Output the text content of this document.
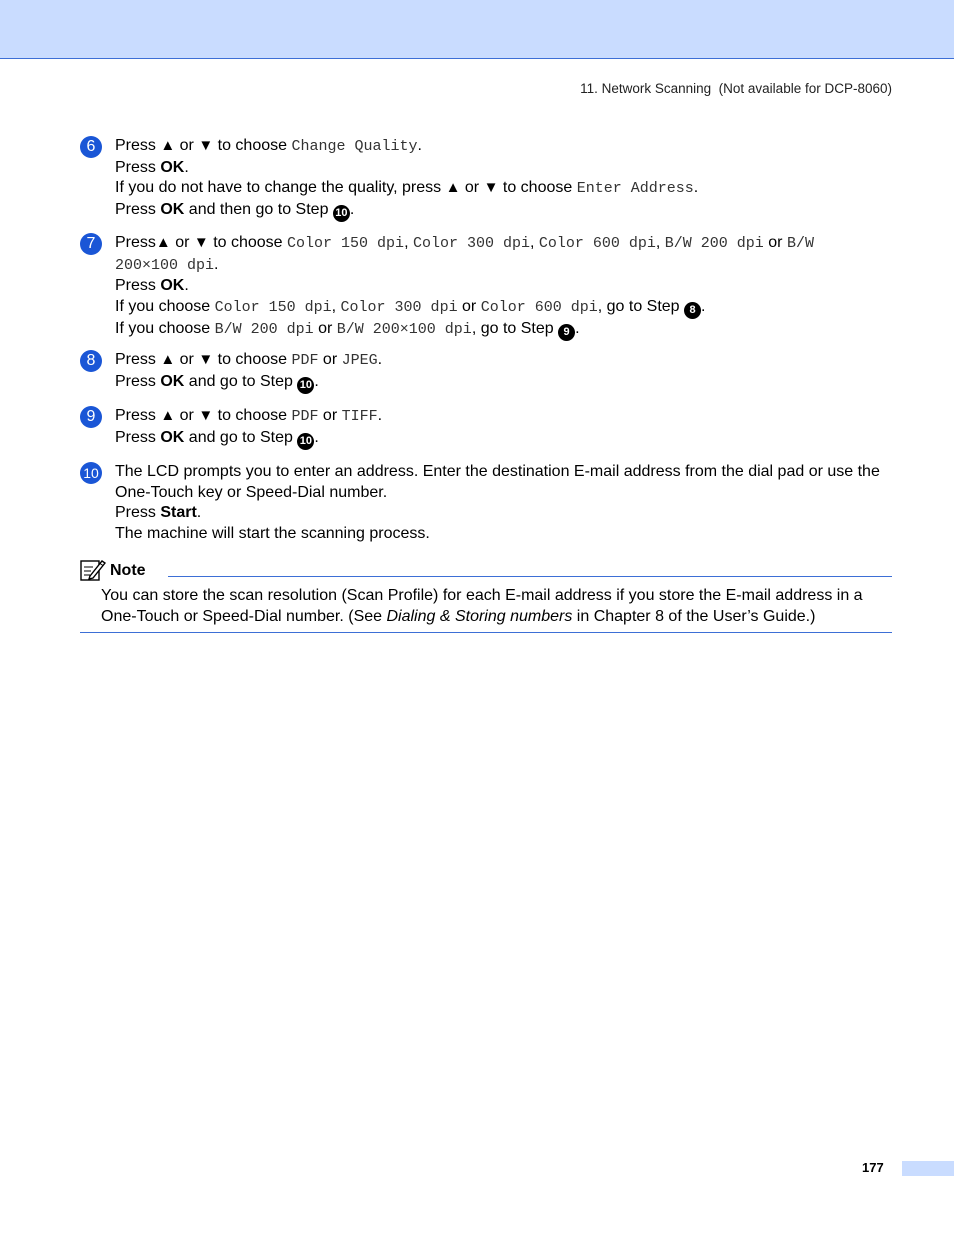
11. Network Scanning  (Not available for DCP-8060)
6	Press ▲ or ▼ to choose Change Quality.
Press OK.
If you do not have to change the quality, press ▲ or ▼ to choose Enter Address.
Press OK and then go to Step 10 .
7	Press▲ or ▼ to choose Color 150 dpi, Color 300 dpi, Color 600 dpi, B/W 200 dpi or B/W
200×100 dpi.
Press OK.
If you choose Color 150 dpi, Color 300 dpi or Color 600 dpi, go to Step 8 .
If you choose B/W 200 dpi or B/W 200×100 dpi, go to Step 9 .
8	Press ▲ or ▼ to choose PDF or JPEG.
Press OK and go to Step 10 .
9	Press ▲ or ▼ to choose PDF or TIFF.
Press OK and go to Step 10 .
10 The LCD prompts you to enter an address. Enter the destination E-mail address from the dial pad or use the One-Touch key or Speed-Dial number.
Press Start.
The machine will start the scanning process.
Note
You can store the scan resolution (Scan Profile) for each E-mail address if you store the E-mail address in a One-Touch or Speed-Dial number. (See Dialing & Storing numbers in Chapter 8 of the User’s Guide.)
177
